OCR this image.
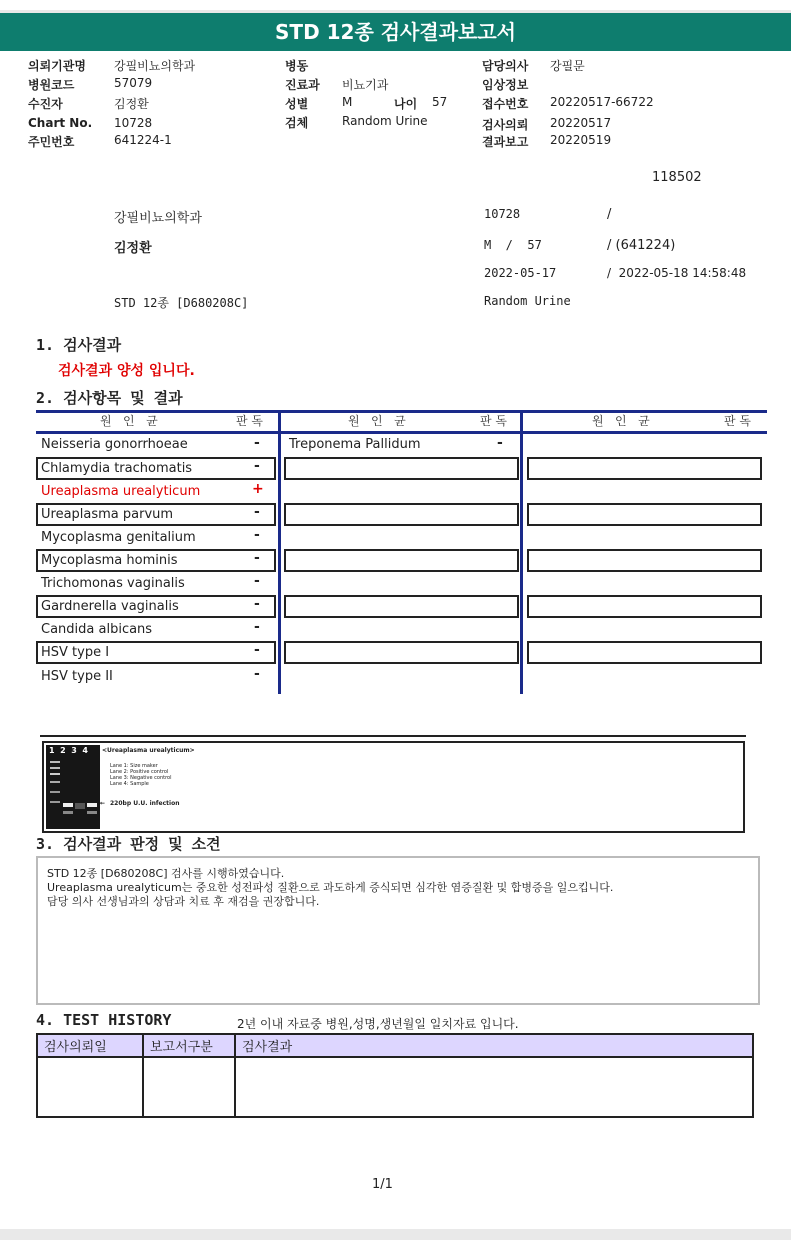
STD 12종 검사결과보고서
의뢰기관명 강필비뇨의학과
병원코드	57079
수진자	김정환
Chart No. 10728
주민번호	641224-1
병동
진료과 비뇨기과
성별	M	나이 57
검체	Random Urine
담당의사 강필문
임상정보
접수번호 20220517-66722
검사의뢰 20220517
결과보고 20220519
118502
강필비뇨의학과	10728	/
김정환	M  /  57	/ (641224)
2022-05-17	/  2022-05-18 14:58:48
STD 12종 [D680208C]	Random Urine
1. 검사결과
검사결과 양성 입니다.
2. 검사항목 및 결과
원   인   균	판 독	원   인   균	판 독	원   인   균	판 독
Neisseria gonorrhoeae	-
Chlamydia trachomatis	-
Ureaplasma urealyticum	+
Ureaplasma parvum	-
Mycoplasma genitalium	-
Mycoplasma hominis	-
Trichomonas vaginalis	-
Gardnerella vaginalis	-
Candida albicans	-
HSV type I	-
HSV type II	-
Treponema Pallidum	-
1  2  3  4 <Ureaplasma urealyticum>
Lane 1: Size maker
Lane 2: Positive control
Lane 3: Negative control
Lane 4: Sample
← 220bp U.U. infection
3. 검사결과 판정 및 소견
STD 12종 [D680208C] 검사를 시행하였습니다.
Ureaplasma urealyticum는 중요한 성전파성 질환으로 과도하게 증식되면 심각한 염증질환 및 합병증을 일으킵니다.
담당 의사 선생님과의 상담과 치료 후 재검을 권장합니다.
4. TEST HISTORY	2년 이내 자료중 병원,성명,생년월일 일치자료 입니다.
검사의뢰일	보고서구분	검사결과

1/1
